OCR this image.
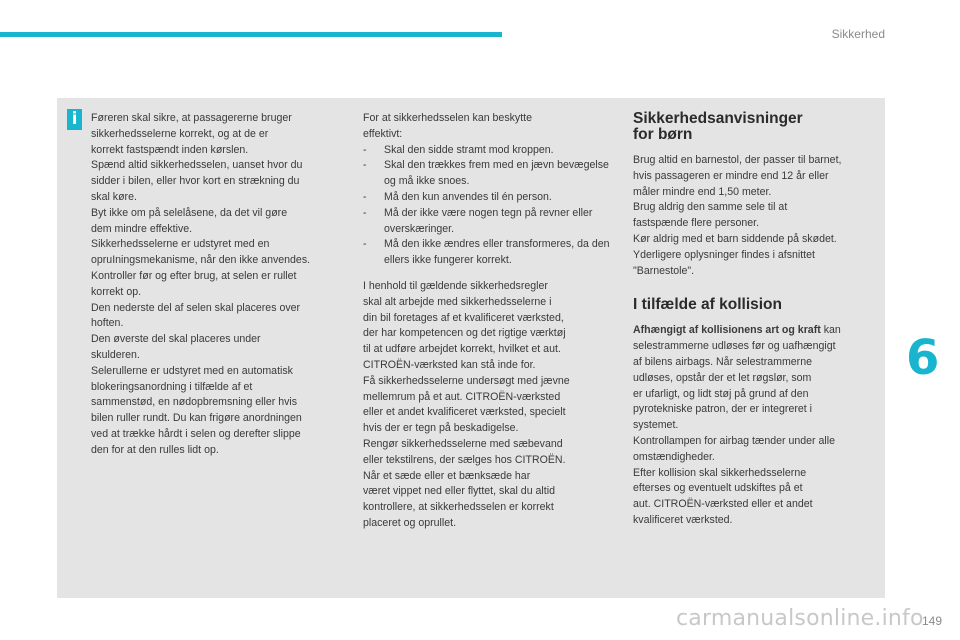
Sikkerhed
i	Føreren skal sikre, at passagererne bruger

sikkerhedsselerne korrekt, og at de er

korrekt fastspændt inden kørslen.

Spænd altid sikkerhedsselen, uanset hvor du

sidder i bilen, eller hvor kort en strækning du

skal køre.

Byt ikke om på selelåsene, da det vil gøre

dem mindre effektive.

Sikkerhedsselerne er udstyret med en

opruIningsmekanisme, når den ikke anvendes.

Kontroller før og efter brug, at selen er rullet

korrekt op.

Den nederste del af selen skal placeres over

hoften.

Den øverste del skal placeres under

skulderen.

Selerullerne er udstyret med en automatisk

blokeringsanordning i tilfælde af et

sammenstød, en nødopbremsning eller hvis

bilen ruller rundt. Du kan frigøre anordningen

ved at trække hårdt i selen og derefter slippe

den for at den rulles lidt op.

For at sikkerhedsselen kan beskytte

effektivt:

- Skal den sidde stramt mod kroppen.
- Skal den trækkes frem med en jævn bevægelse og må ikke snoes.
- Må den kun anvendes til én person.
- Må der ikke være nogen tegn på revner eller overskæringer.
- Må den ikke ændres eller transformeres, da den ellers ikke fungerer korrekt.

I henhold til gældende sikkerhedsregler

skal alt arbejde med sikkerhedsselerne i

din bil foretages af et kvalificeret værksted,

der har kompetencen og det rigtige værktøj

til at udføre arbejdet korrekt, hvilket et aut.

CITROËN-værksted kan stå inde for.

Få sikkerhedsselerne undersøgt med jævne

mellemrum på et aut. CITROËN-værksted

eller et andet kvalificeret værksted, specielt

hvis der er tegn på beskadigelse.

Rengør sikkerhedsselerne med sæbevand

eller tekstilrens, der sælges hos CITROËN.

Når et sæde eller et bænksæde har

været vippet ned eller flyttet, skal du altid

kontrollere, at sikkerhedsselen er korrekt

placeret og oprullet.

Sikkerhedsanvisninger

for børn

Brug altid en barnestol, der passer til barnet,

hvis passageren er mindre end 12 år eller

måler mindre end 1,50 meter.

Brug aldrig den samme sele til at

fastspænde flere personer.

Kør aldrig med et barn siddende på skødet.

Yderligere oplysninger findes i afsnittet

"Barnestole".

I tilfælde af kollision

Afhængigt af kollisionens art og kraft kan

selestrammerne udløses før og uafhængigt

af bilens airbags. Når selestrammerne

udløses, opstår der et let røgslør, som

er ufarligt, og lidt støj på grund af den

pyrotekniske patron, der er integreret i

systemet.

Kontrollampen for airbag tænder under alle

omstændigheder.

Efter kollision skal sikkerhedsselerne

efterses og eventuelt udskiftes på et

aut. CITROËN-værksted eller et andet

kvalificeret værksted.

6
carmanualsonline.info
149
